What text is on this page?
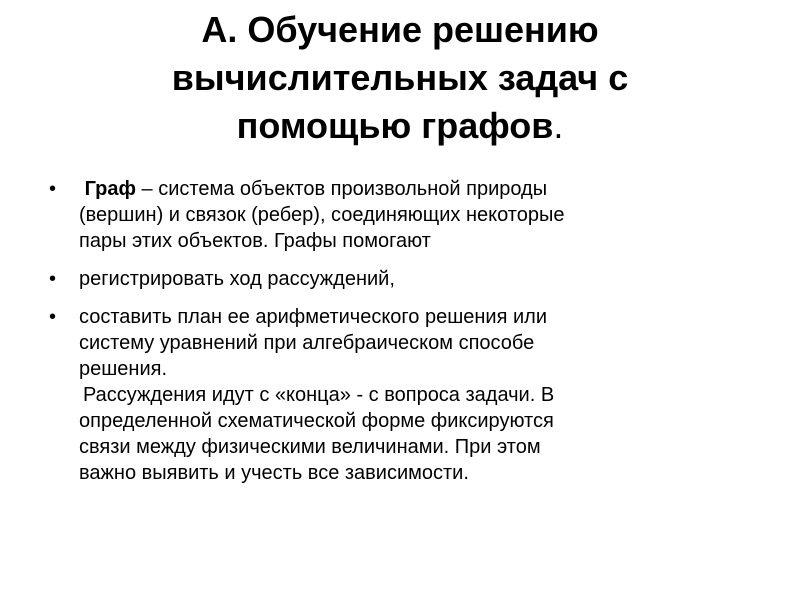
А. Обучение решению
вычислительных задач с
помощью графов.
• Граф – система объектов произвольной природы
(вершин) и связок (ребер), соединяющих некоторые
пары этих объектов. Графы помогают
• регистрировать ход рассуждений,
• составить план ее арифметического решения или
систему уравнений при алгебраическом способе
решения.
Рассуждения идут с «конца» - с вопроса задачи. В
определенной схематической форме фиксируются
связи между физическими величинами. При этом
важно выявить и учесть все зависимости.
